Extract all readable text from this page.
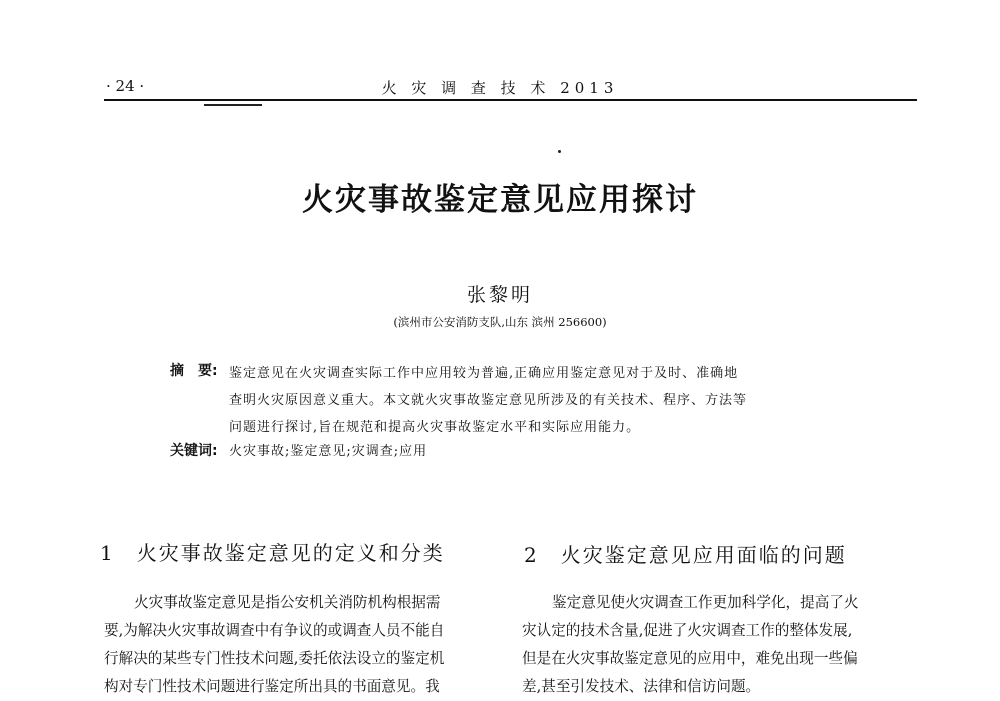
· 24 ·	火 灾 调 查 技 术 2013
火灾事故鉴定意见应用探讨
张黎明
(滨州市公安消防支队,山东 滨州 256600)
摘　要: 鉴定意见在火灾调查实际工作中应用较为普遍,正确应用鉴定意见对于及时、准确地
查明火灾原因意义重大。本文就火灾事故鉴定意见所涉及的有关技术、程序、方法等
问题进行探讨,旨在规范和提高火灾事故鉴定水平和实际应用能力。
关键词: 火灾事故;鉴定意见;灾调查;应用
1　火灾事故鉴定意见的定义和分类	2　火灾鉴定意见应用面临的问题
火灾事故鉴定意见是指公安机关消防机构根据需
要,为解决火灾事故调查中有争议的或调查人员不能自
行解决的某些专门性技术问题,委托依法设立的鉴定机
构对专门性技术问题进行鉴定所出具的书面意见。我
鉴定意见使火灾调查工作更加科学化，提高了火
灾认定的技术含量,促进了火灾调查工作的整体发展,
但是在火灾事故鉴定意见的应用中，难免出现一些偏
差,甚至引发技术、法律和信访问题。
